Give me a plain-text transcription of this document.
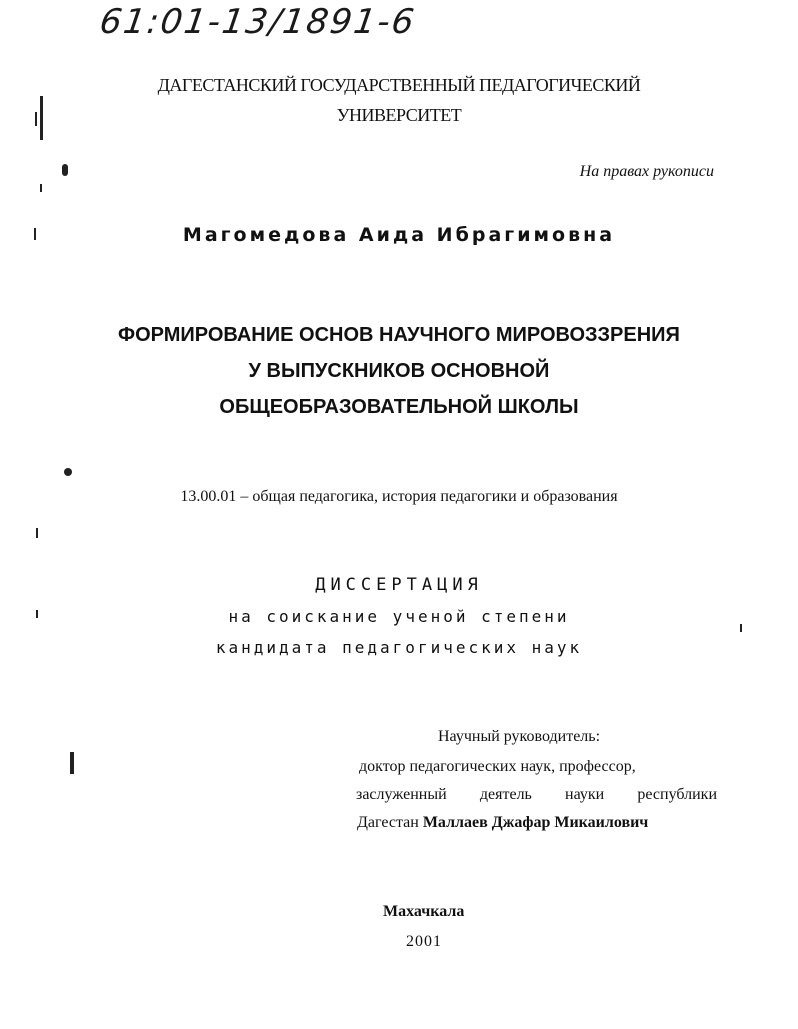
61:01-13/1891-6
ДАГЕСТАНСКИЙ ГОСУДАРСТВЕННЫЙ ПЕДАГОГИЧЕСКИЙ
УНИВЕРСИТЕТ
На правах рукописи
Магомедова Аида Ибрагимовна
ФОРМИРОВАНИЕ ОСНОВ НАУЧНОГО МИРОВОЗЗРЕНИЯ
У ВЫПУСКНИКОВ ОСНОВНОЙ
ОБЩЕОБРАЗОВАТЕЛЬНОЙ ШКОЛЫ
13.00.01 – общая педагогика, история педагогики и образования
ДИССЕРТАЦИЯ
на соискание ученой степени
кандидата педагогических наук
Научный руководитель:
доктор педагогических наук, профессор,
заслуженный деятель науки республики
Дагестан Маллаев Джафар Микаилович
Махачкала
2001
